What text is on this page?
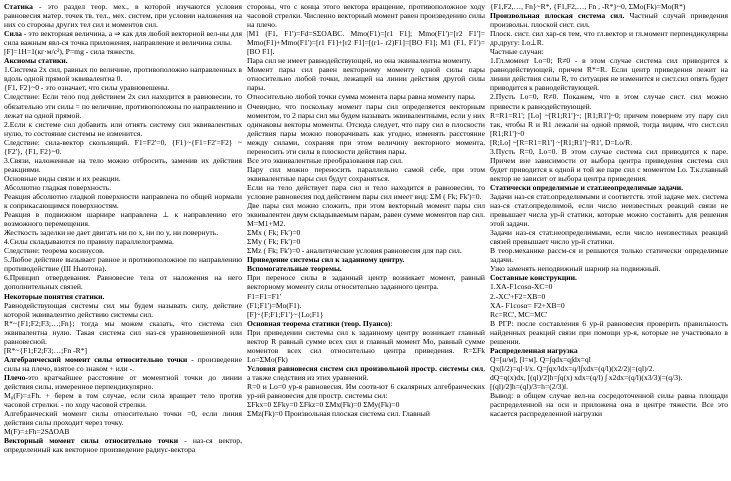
Статика - это раздел теор. мех., в которой изучаются условия равновесия матер. точек тв. тел., мех. систем, при условии наложения на них со стороны других тел сил и моментов сил.

Сила - это векторная величина, а ⇒ как для любой векторной вел-ны для сила важным явл-ся точка приложения, направление и величина силы.

[F]=1Н=1(кг·м/с²), Р=mg - сила тяжести.

Аксиомы статики.

1.Система 2х сил, равных по величине, противоположно направленных в вдоль одной прямой эквивалентна 0.

{F1, F2}~0 - это означает, что силы уравновешены.

Следствие: Если тело под действием 2х сил находится в равновесии, то обязательно эти силы = по величине, противоположны по направлению и лежат на одной прямой.

2.Если к системе сил добавить или отнять систему сил эквивалентных нулю, то состояние системы не изменится.

Следствие: сила-вектор скользящий. F1=F2'=0, {F1}~{F1=F2'=F2} ~{F2'}, {F1, F2}~0.

3.Связи, наложенные на тело можно отбросить, заменив их действия реакциями.

Основные виды связи и их реакции.

Абсолютно гладкая поверхность.

Реакция абсолютно гладкой поверхности направлена по общей нормали к соприкасающимся поверхностям.

Реакция в подвижном шарнире направлена ⊥ к направлению его возможного перемещения.

Жесткость заделки не дает двигать ни по x, ни по y, ни повернуть.

4.Силы складываются по правилу параллелограмма.

Следствие: теорема косинусов.

5.Любое действие вызывает равное и противоположное по направлению противодействие (III Ньютона).

6.Принцип отвердевания. Равновесие тела от наложения на него дополнительных связей.

Некоторые понятия статики.

Равнодействующая системы сил мы будем называть силу, действие которой эквивалентно действию системы сил.

R*~{F1;F2;F3;…;Fn}; тогда мы можем сказать, что система сил эквивалентна нулю. Такая система сил наз-ся уравновешенной или равновесной.

[R*~{F1;F2;F3;…;Fn -R*]

Алгебраический момент силы относительно точки - произведение силы на плечо, взятое со знаком + или -.

Плечо-это кратчайшее расстояние от моментной точки до линии действия силы, измеренное перпендикулярно.

M₀(F)=±Fh. + берем в том случае, если сила вращает тело против часовой стрелки. - по ходу часовой стрелки.

Алгебраический момент силы относительно точки =0, если линия действия силы проходит через точку.

M(F)=±Fh=2S∆OAB

Векторный момент силы относительно точки - наз-ся вектор, определенный как векторное произведение радиус-вектора

стороны, что с конца этого вектора вращение, противоположное ходу часовой стрелки. Численно векторный момент равен произведению силы на плечо.

|M1 (F1, F1')=Fd=SΣOABC. Mmo(F1)=[r1 F1]; Mmo(F1')=[r2 F1']= Mmo(F1)+Mmo(F1')=[r1 F1]+[r2 F1]=[(r1- r2)F1]=[BO F1]; M1 (F1, F1')=[BO F1].

Пара сил не имеет равнодействующей, но она эквивалентна моменту.

Момент пары сил равен векторному моменту одной силы пары относительно любой точки, лежащей на линии действия другой силы пары.

Относительно любой точки сумма момента пары равна моменту пары.

Очевидно, что поскольку момент пары сил определяется векторным моментом, то 2 пары сил мы будем называть эквивалентными, если у них одинаковы векторы моменты. Отсюда следует, что пару сил в плоскости действия пары можно поворачивать как угодно, изменять расстояние между силами, сохраняя при этом величину векторного момента, переносить эти силы в плоскости действия пары.

Все это эквивалентные преобразования пар сил.

Пару сил можно переносить параллельно самой себе, при этом эквивалентные пары сил будут сохраняться.

Если на тело действует пара сил и тело находится в равновесии, то условие равновесия под действием пары сил имеет вид: ΣM ( Fk; Fk')=0.

Две пары сил можно сложить, при этом векторный момент пары сил эквивалентен двум складываемым парам, равен сумме моментов пар сил. M=M1+M2.

ΣMx ( Fk; Fk')=0

ΣMy ( Fk; Fk')=0

ΣMz ( Fk; Fk')=0 - аналитические условия равновесия для пар сил.

Приведение системы сил к заданному центру.

Вспомогательные теоремы.

При переносе силы в заданный центр возникает момент, равный векторному моменту силы относительно заданного центра.

F1=F1=F1'

(F1;F1')=Mo(F1).

[F]~{F;F1;F1'}~{Lo;F1}

Основная теорема статики (теор. Пуансо):

При приведении системы сил к заданному центру возникает главный вектор R равный сумме всех сил и главный момент Mo, равный сумме моментов всех сил относительно центра приведения. R=ΣFk Lo=ΣMo(Fk)

Условия равновесия систем сил произвольной простр. системы сил, а также следствия из этих уравнений.

R=0 и Lo=0 ур-я равновесия. Им соотв-ют 6 скалярных алгебраических ур-ий равновесия для простр. системы сил:

ΣFkx=0 ΣFky=0 ΣFkz=0 ΣMx(Fk)=0 ΣMy(Fk)=0

ΣMz(Fk)=0 Произвольная плоская система сил. Главный

{F1,F2,…, Fn}~R*, {F1,F2,…, Fn , -R*}~0, ΣMo(Fk)=Mo(R*)

Произвольная плоская система сил. Частный случай приведения произвольн. плоской сист. сил.

Плоск. сист. сил хар-ся тем, что гл.вектор и гл.момент перпендикулярны др.другу: Lo⊥R.

Частные случаи:

1.Гл.момент Lo=0; R≠0 - в этом случае система сил приводится к равнодействующей, причем R*=R. Если центр приведения лежит на линии действия силы R, то ситуация не изменится и сист.сил опять будет приводится к равнодействующей.

2.Пусть Lo=0, R≠0. Покажем, что в этом случае сист. сил можно привести к равнодействующей.

R=R1=R1'; [Lo] ~[R1;R1']~; [R1;R1']~0; причем повернем эту пару сил так, чтобы R и R1 лежали на одной прямой, тогда видим, что сист.сил [R1;R1']~0

[R;Lo] ~[R=R1=R1'] ~[R1;R1']~R1', D=Lo/R.

3.Пусть R=0, Lo=0. В этом случае система сил приводится к паре. Причем вне зависимости от выбора центра приведения система сил будет приводится к одной и той же паре сил с моментом Lo. Т.к.главный вектор не зависит от выбора центра приведения.

Статически определимые и стат.неопределимые задачи.

Задачи наз-ся стат.определимыми и соответств. этой задаче мех. система наз-ся стат.определимой, если число неизвестных реакций связи не превышает числа ур-й статики, которые можно составить для решения этой задачи.

Задачи наз-ся стат.неопределимыми, если число неизвестных реакций связей превышает число ур-й статики.

В теор.механике рассм-ся и решаются только статически определимые задачи.

Узко заменять неподвижный шарнир на подвижный.

Составные конструкции.

1.XA-F1cosα-XC=0

2.-XC'+F2=XB=0

XA- F1cosα= F2+XB=0

Rc=RC', MC=MC'

В РГР: после составления 6 ур-й равновесия проверить правильность найденных реакций связи при помощи ур-я, которые не участвовало в решении.

Распределенная нагрузка

Q=[н/м], [l=м]. Q=∫qdx=q∫dx=ql

Qx(l/2)=ql·l/x. Q=∫qx/ldx=q/l∫xdx=(q/l)(x2/2)|=(ql)/2.

dQ=q(x)dx, [(ql)/2]h=∫q(x) xdx=(q/l) ∫ x2dx=(q/l)(x3/3)|=(q/3).

[(ql)/2]h=(ql)/3=h=(2/3)l.

Вывод: в общем случае вел-на сосредоточенной силы равна площади распределенной на оси и приложена она в центре тяжести. Все это касается распределенной нагрузки
